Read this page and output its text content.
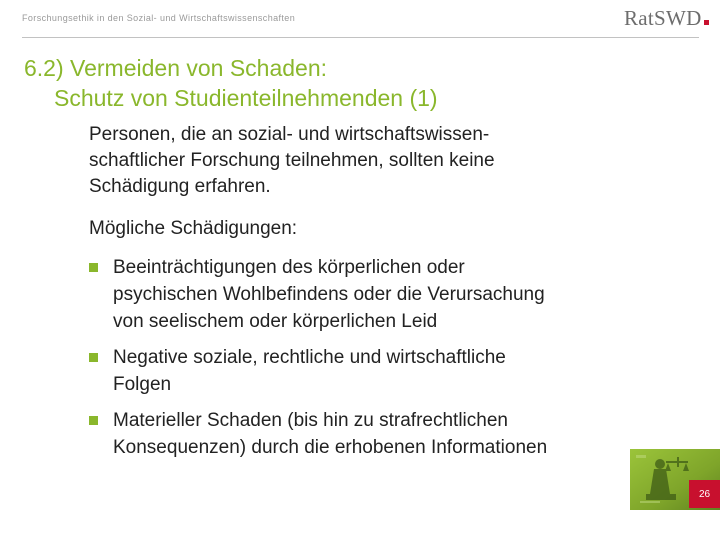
Forschungsethik in den Sozial- und Wirtschaftswissenschaften	RatSWD
6.2) Vermeiden von Schaden:
Schutz von Studienteilnehmenden (1)
Personen, die an sozial- und wirtschaftswissen-
schaftlicher Forschung teilnehmen, sollten keine
Schädigung erfahren.
Mögliche Schädigungen:
Beeinträchtigungen des körperlichen oder
psychischen Wohlbefindens oder die Verursachung
von seelischem oder körperlichen Leid
Negative soziale, rechtliche und wirtschaftliche
Folgen
Materieller Schaden (bis hin zu strafrechtlichen
Konsequenzen) durch die erhobenen Informationen
26
